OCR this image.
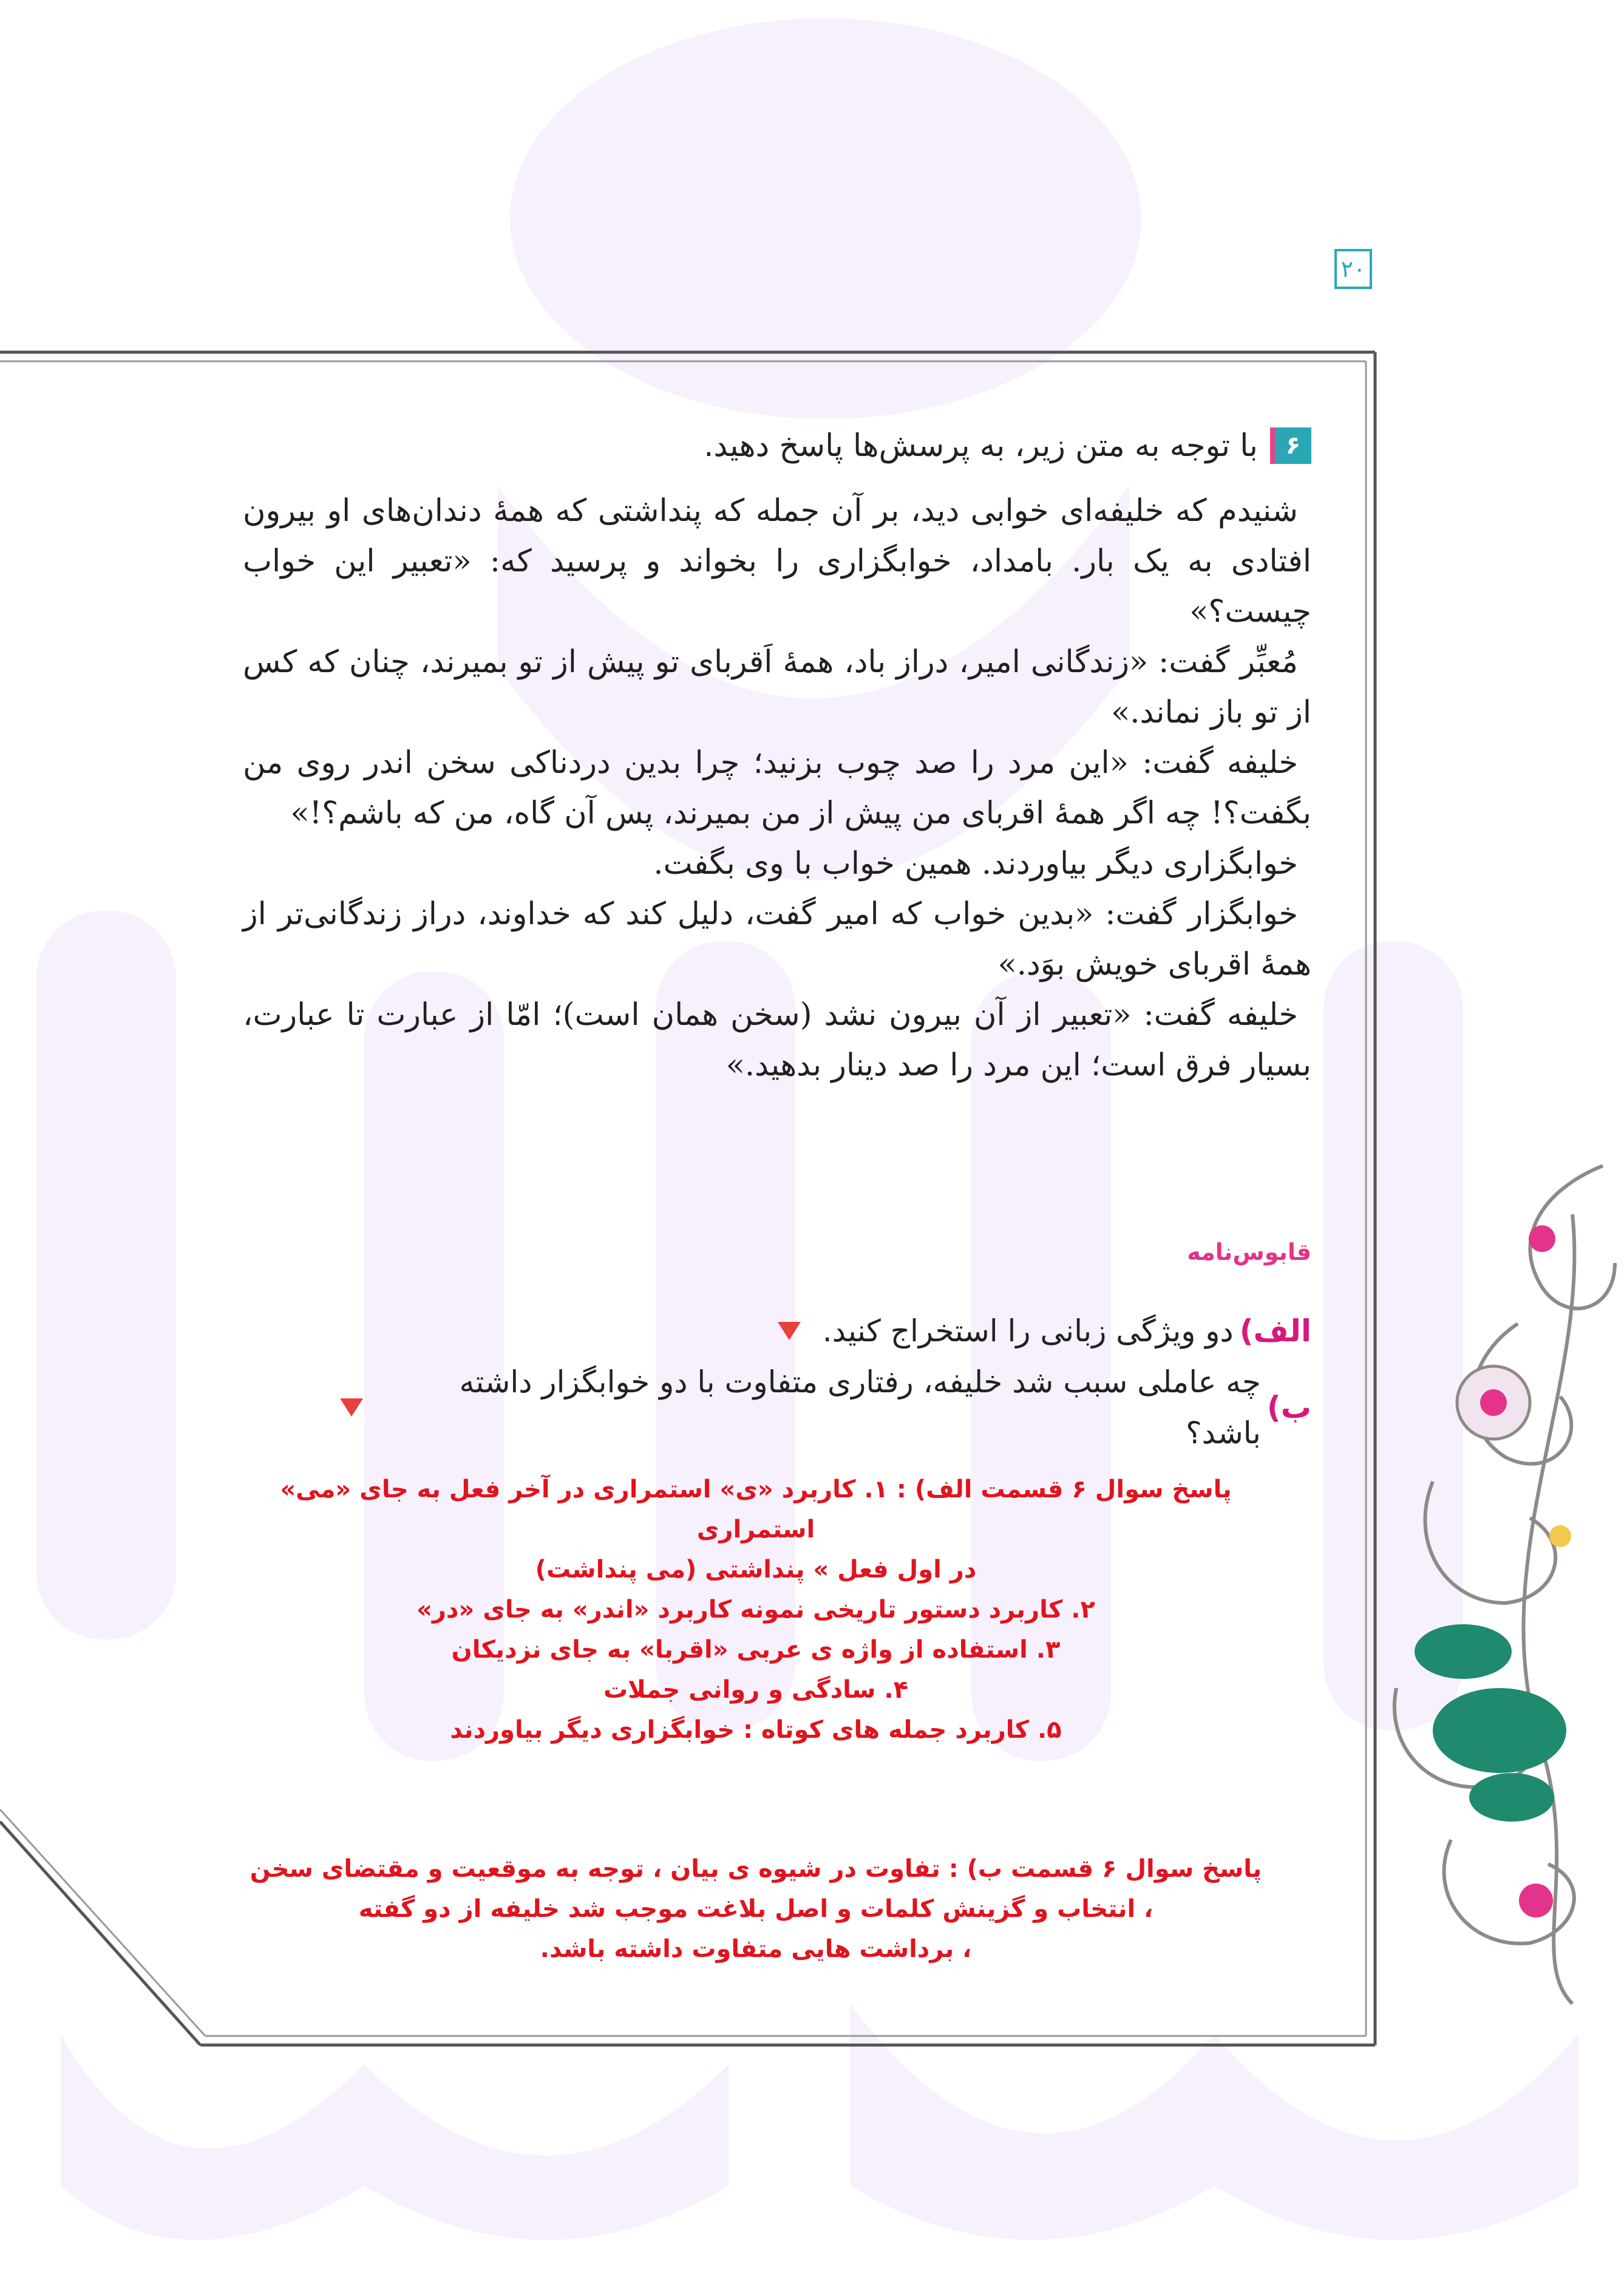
۲۰
۶
با توجه به متن زیر، به پرسش‌ها پاسخ دهید.

شنیدم که خلیفه‌ای خوابی دید، بر آن جمله که پنداشتی که همهٔ دندان‌های او بیرون افتادی به یک بار. بامداد، خوابگزاری را بخواند و پرسید که: «تعبیر این خواب چیست؟»

مُعبِّر گفت: «زندگانی امیر، دراز باد، همهٔ اَقربای تو پیش از تو بمیرند، چنان که کس از تو باز نماند.»

خلیفه گفت: «این مرد را صد چوب بزنید؛ چرا بدین دردناکی سخن اندر روی من بگفت؟! چه اگر همهٔ اقربای من پیش از من بمیرند، پس آن گاه، من که باشم؟!»

خوابگزاری دیگر بیاوردند. همین خواب با وی بگفت.

خوابگزار گفت: «بدین خواب که امیر گفت، دلیل کند که خداوند، دراز زندگانی‌تر از همهٔ اقربای خویش بوَد.»

خلیفه گفت: «تعبیر از آن بیرون نشد (سخن همان است)؛ امّا از عبارت تا عبارت، بسیار فرق است؛ این مرد را صد دینار بدهید.»

قابوس‌نامه
الف)
دو ویژگی زبانی را استخراج کنید.
ب)
چه عاملی سبب شد خلیفه، رفتاری متفاوت با دو خوابگزار داشته باشد؟
پاسخ سوال ۶ قسمت الف) : ۱. کاربرد «ی» استمراری در آخر فعل به جای «می» استمراری
در اول فعل » پنداشتی (می پنداشت)
۲. کاربرد دستور تاریخی نمونه کاربرد «اندر» به جای «در»
۳. استفاده از واژه ی عربی «اقربا» به جای نزدیکان
۴. سادگی و روانی جملات
۵. کاربرد جمله های کوتاه : خوابگزاری دیگر بیاوردند
پاسخ سوال ۶ قسمت ب) : تفاوت در شیوه ی بیان ، توجه به موقعیت و مقتضای سخن
، انتخاب و گزینش کلمات و اصل بلاغت موجب شد خلیفه از دو گفته
، برداشت هایی متفاوت داشته باشد.
